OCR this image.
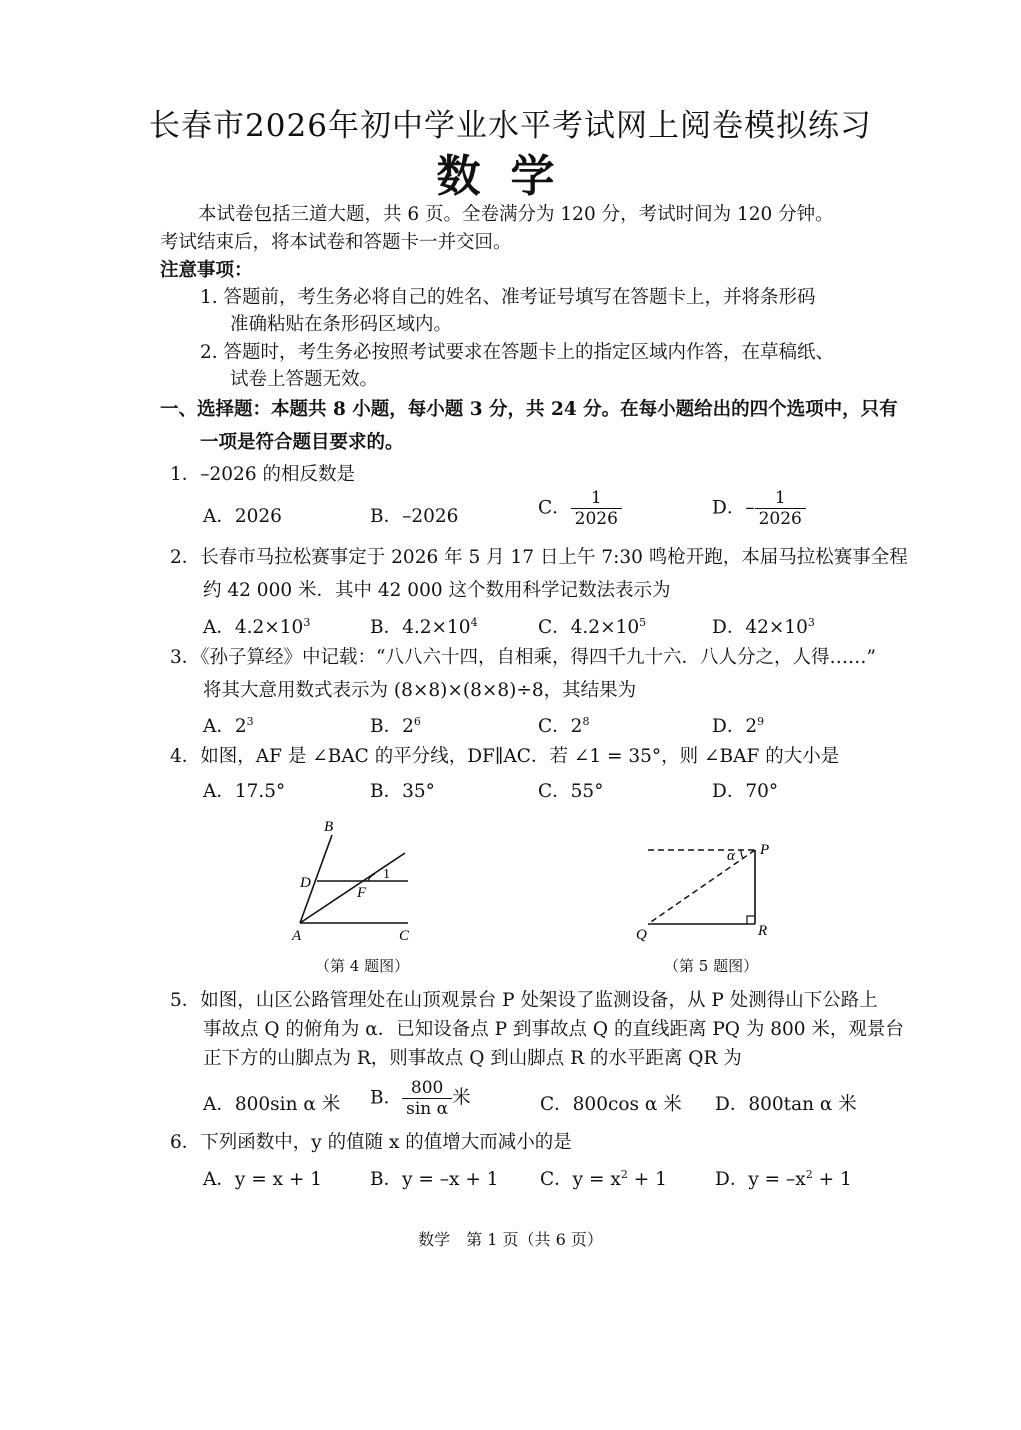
长春市2026年初中学业水平考试网上阅卷模拟练习
数学
本试卷包括三道大题，共 6 页。全卷满分为 120 分，考试时间为 120 分钟。
考试结束后，将本试卷和答题卡一并交回。
注意事项：
1. 答题前，考生务必将自己的姓名、准考证号填写在答题卡上，并将条形码
准确粘贴在条形码区域内。
2. 答题时，考生务必按照考试要求在答题卡上的指定区域内作答，在草稿纸、
试卷上答题无效。
一、选择题：本题共 8 小题，每小题 3 分，共 24 分。在每小题给出的四个选项中，只有
一项是符合题目要求的。
1．–2026 的相反数是
A．2026	B．–2026	C． $\frac{1}{2026}$	D．– $\frac{1}{2026}$
2．长春市马拉松赛事定于 2026 年 5 月 17 日上午 7:30 鸣枪开跑，本届马拉松赛事全程
约 42 000 米．其中 42 000 这个数用科学记数法表示为
A．$4.2\times 10^3$	B．$4.2\times 10^4$	C．$4.2\times 10^5$	D．$42\times 10^3$
3．《孙子算经》中记载：“八八六十四，自相乘，得四千九十六．八人分之，人得……”
将其大意用数式表示为 (8×8)×(8×8)÷8，其结果为
A．$2^3$	B．$2^6$	C．$2^8$	D．$2^9$
4．如图，AF 是 ∠BAC 的平分线，DF∥AC．若 ∠1 = 35°，则 ∠BAF 的大小是
A．17.5°	B．35°	C．55°	D．70°
B
D
F
1
A	C
（第 4 题图）
α P
Q	R
（第 5 题图）
5．如图，山区公路管理处在山顶观景台 P 处架设了监测设备，从 P 处测得山下公路上
事故点 Q 的俯角为 α．已知设备点 P 到事故点 Q 的直线距离 PQ 为 800 米，观景台
正下方的山脚点为 R，则事故点 Q 到山脚点 R 的水平距离 QR 为
A．800sin α 米 B． $\frac{800}{\text{sin α}}$ 米	C．800cos α 米 D．800tan α 米
6．下列函数中，y 的值随 x 的值增大而减小的是
A．y = x + 1	B．y = –x + 1 C．$y = x^2 + 1$	D．$y = -x^2 + 1$
数学　第 1 页（共 6 页）
